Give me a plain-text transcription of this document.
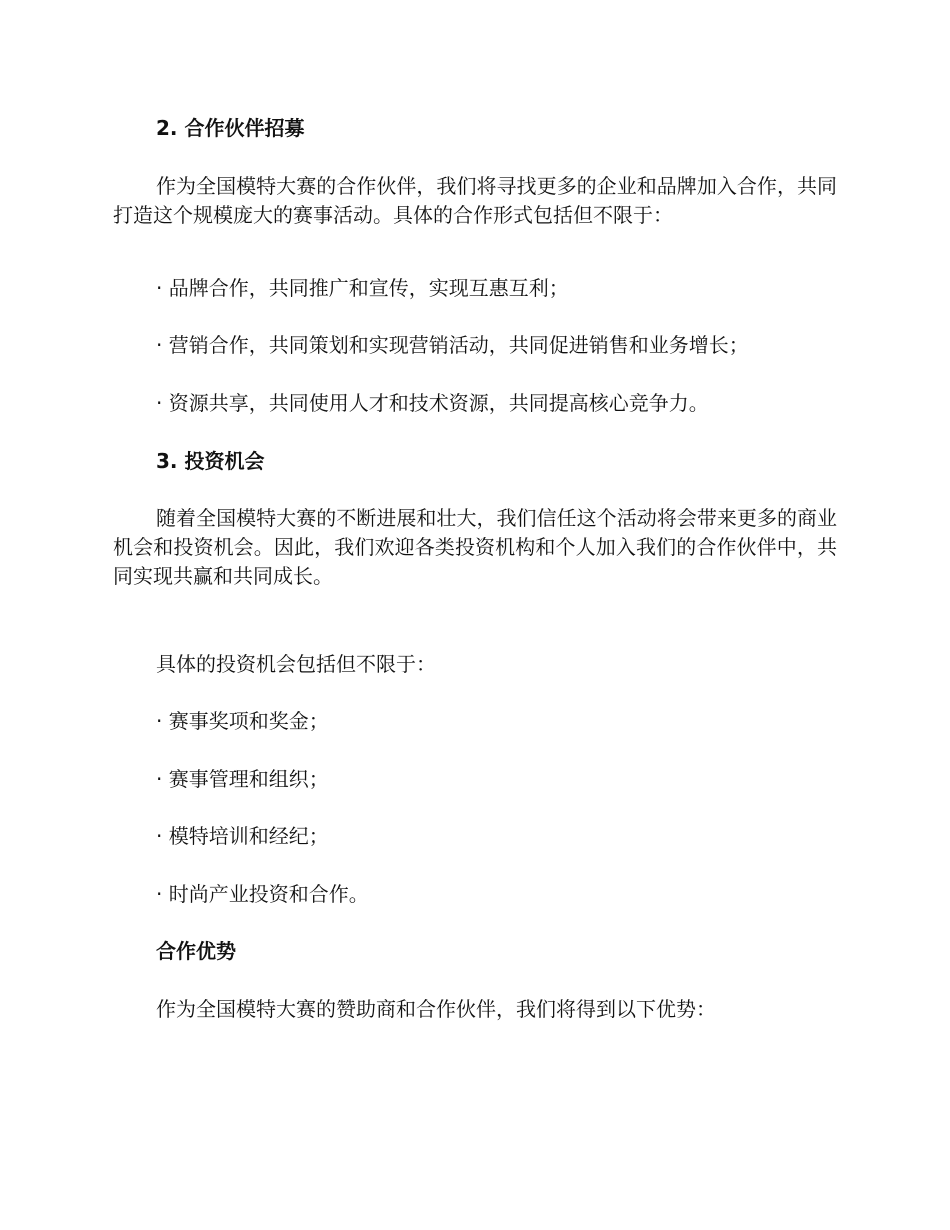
2. 合作伙伴招募

作为全国模特大赛的合作伙伴，我们将寻找更多的企业和品牌加入合作，共同打造这个规模庞大的赛事活动。具体的合作形式包括但不限于：

· 品牌合作，共同推广和宣传，实现互惠互利；

· 营销合作，共同策划和实现营销活动，共同促进销售和业务增长；

· 资源共享，共同使用人才和技术资源，共同提高核心竞争力。

3. 投资机会

随着全国模特大赛的不断进展和壮大，我们信任这个活动将会带来更多的商业机会和投资机会。因此，我们欢迎各类投资机构和个人加入我们的合作伙伴中，共同实现共赢和共同成长。

具体的投资机会包括但不限于：

· 赛事奖项和奖金；

· 赛事管理和组织；

· 模特培训和经纪；

· 时尚产业投资和合作。

合作优势

作为全国模特大赛的赞助商和合作伙伴，我们将得到以下优势：
